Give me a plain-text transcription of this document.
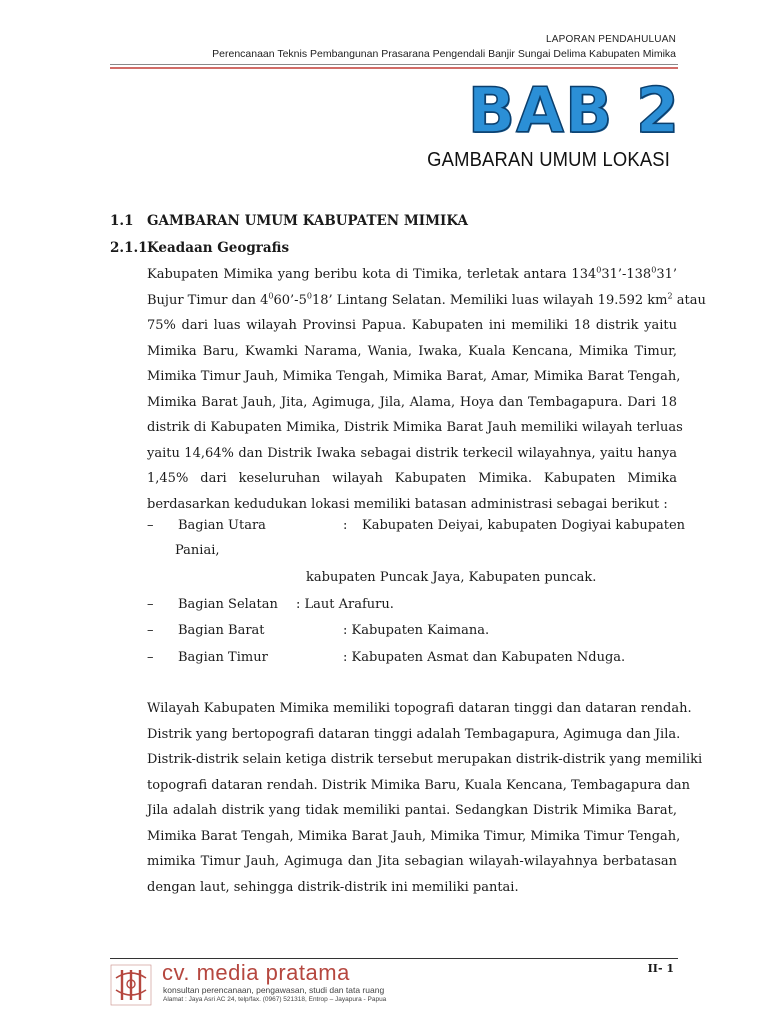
LAPORAN PENDAHULUAN
Perencanaan Teknis Pembangunan Prasarana Pengendali Banjir Sungai Delima Kabupaten Mimika
BAB 2
GAMBARAN UMUM LOKASI
1.1 GAMBARAN UMUM KABUPATEN MIMIKA
2.1.1Keadaan Geografis
Kabupaten Mimika yang beribu kota di Timika, terletak antara $134^031’-138^031$’
Bujur Timur dan $4^060’-5^018$’ Lintang Selatan. Memiliki luas wilayah 19.592 $km^2$ atau
75% dari luas wilayah Provinsi Papua. Kabupaten ini memiliki 18 distrik yaitu
Mimika Baru, Kwamki Narama, Wania, Iwaka, Kuala Kencana, Mimika Timur,
Mimika Timur Jauh, Mimika Tengah, Mimika Barat, Amar, Mimika Barat Tengah,
Mimika Barat Jauh, Jita, Agimuga, Jila, Alama, Hoya dan Tembagapura. Dari 18
distrik di Kabupaten Mimika, Distrik Mimika Barat Jauh memiliki wilayah terluas
yaitu 14,64% dan Distrik Iwaka sebagai distrik terkecil wilayahnya, yaitu hanya
1,45% dari keseluruhan wilayah Kabupaten Mimika. Kabupaten Mimika
berdasarkan kedudukan lokasi memiliki batasan administrasi sebagai berikut :
– Bagian Utara	: Kabupaten Deiyai, kabupaten Dogiyai kabupaten
Paniai,
kabupaten Puncak Jaya, Kabupaten puncak.
– Bagian Selatan : Laut Arafuru.
– Bagian Barat	: Kabupaten Kaimana.
– Bagian Timur	: Kabupaten Asmat dan Kabupaten Nduga.
Wilayah Kabupaten Mimika memiliki topografi dataran tinggi dan dataran rendah.
Distrik yang bertopografi dataran tinggi adalah Tembagapura, Agimuga dan Jila.
Distrik-distrik selain ketiga distrik tersebut merupakan distrik-distrik yang memiliki
topografi dataran rendah. Distrik Mimika Baru, Kuala Kencana, Tembagapura dan
Jila adalah distrik yang tidak memiliki pantai. Sedangkan Distrik Mimika Barat,
Mimika Barat Tengah, Mimika Barat Jauh, Mimika Timur, Mimika Timur Tengah,
mimika Timur Jauh, Agimuga dan Jita sebagian wilayah-wilayahnya berbatasan
dengan laut, sehingga distrik-distrik ini memiliki pantai.
II- 1
cv. media pratama
konsultan perencanaan, pengawasan, studi dan tata ruang
Alamat : Jaya Asri AC 24, telp/fax. (0967) 521318, Entrop – Jayapura - Papua
